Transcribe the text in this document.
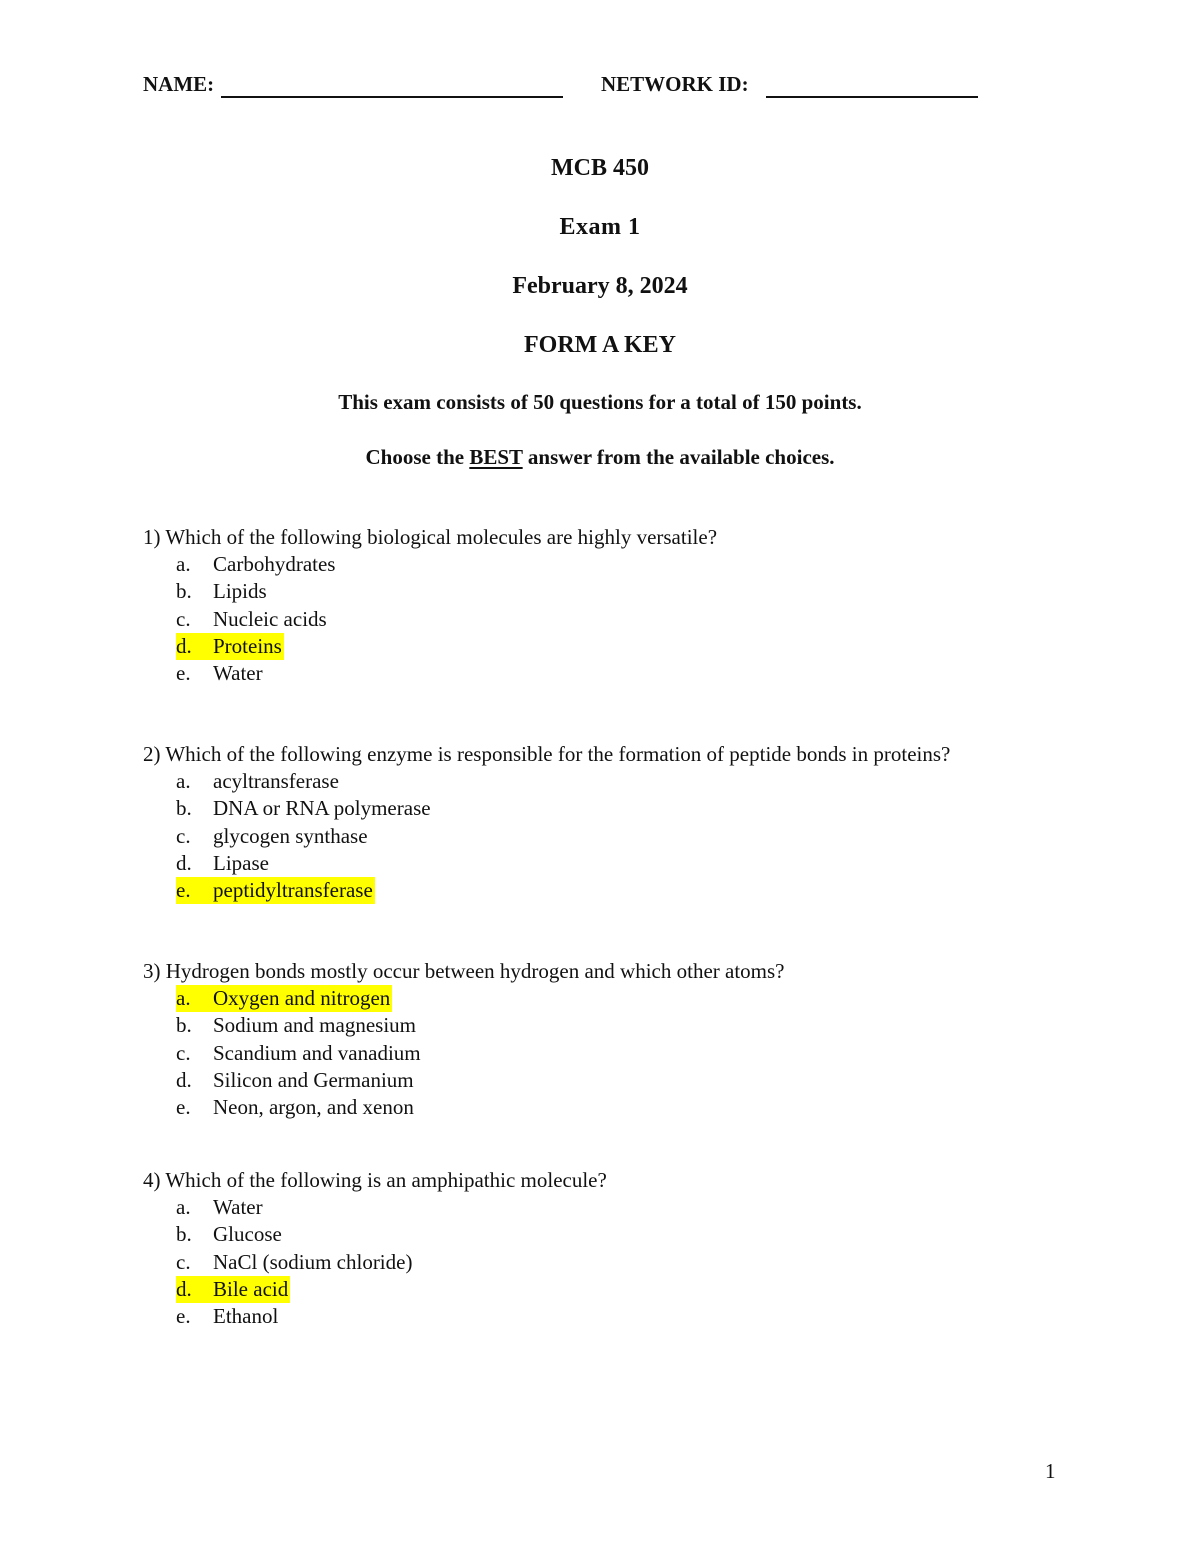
NAME:	NETWORK ID:
MCB 450
Exam 1
February 8, 2024
FORM A KEY
This exam consists of 50 questions for a total of 150 points.
Choose the BEST answer from the available choices.
1) Which of the following biological molecules are highly versatile?
a. Carbohydrates
b. Lipids
c. Nucleic acids
d. Proteins
e. Water
2) Which of the following enzyme is responsible for the formation of peptide bonds in proteins?
a. acyltransferase
b. DNA or RNA polymerase
c. glycogen synthase
d. Lipase
e. peptidyltransferase
3) Hydrogen bonds mostly occur between hydrogen and which other atoms?
a. Oxygen and nitrogen
b. Sodium and magnesium
c. Scandium and vanadium
d. Silicon and Germanium
e. Neon, argon, and xenon
4) Which of the following is an amphipathic molecule?
a. Water
b. Glucose
c. NaCl (sodium chloride)
d. Bile acid
e. Ethanol
1
